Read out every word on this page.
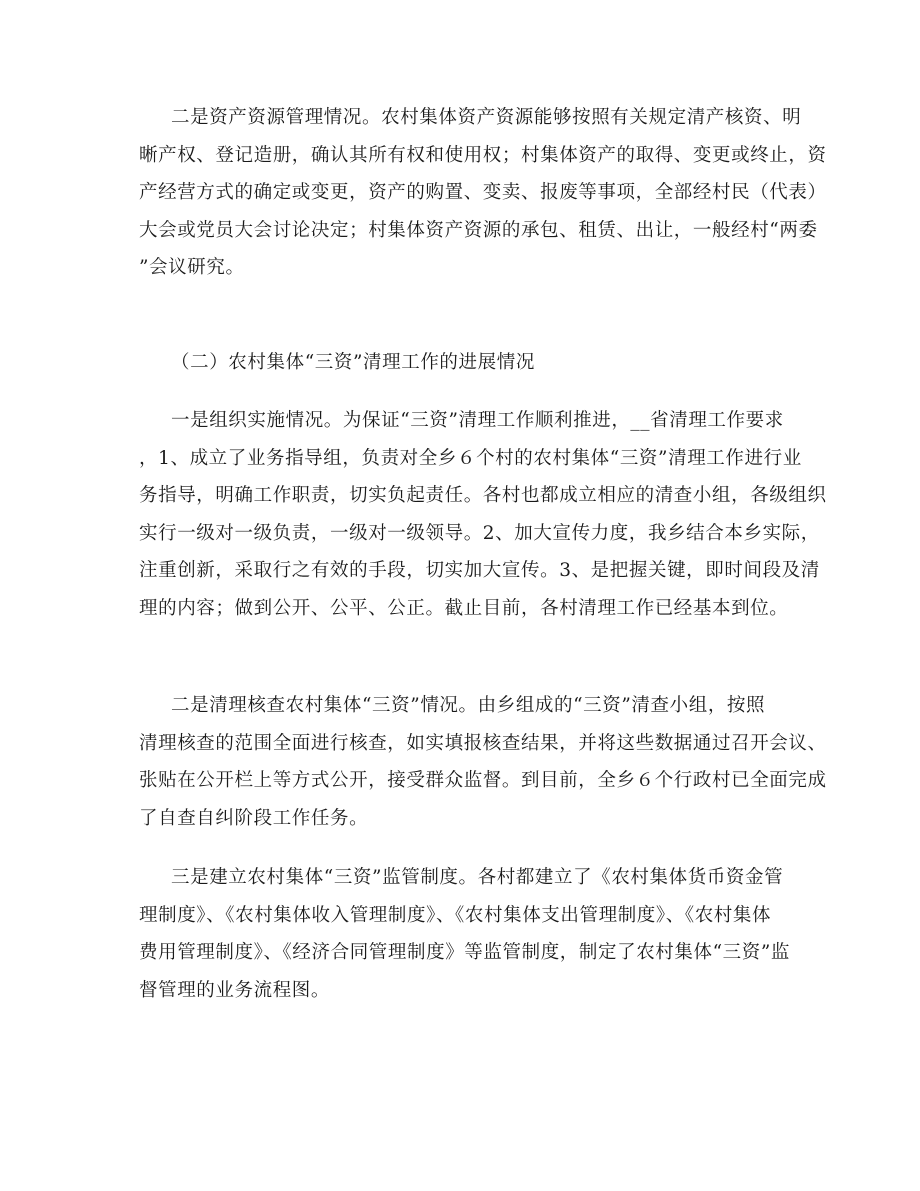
二是资产资源管理情况。农村集体资产资源能够按照有关规定清产核资、明
晰产权、登记造册，确认其所有权和使用权；村集体资产的取得、变更或终止，资
产经营方式的确定或变更，资产的购置、变卖、报废等事项，全部经村民（代表）
大会或党员大会讨论决定；村集体资产资源的承包、租赁、出让，一般经村“两委
”会议研究。
（二）农村集体“三资”清理工作的进展情况
一是组织实施情况。为保证“三资”清理工作顺利推进，__省清理工作要求
，1、成立了业务指导组，负责对全乡６个村的农村集体“三资”清理工作进行业
务指导，明确工作职责，切实负起责任。各村也都成立相应的清查小组，各级组织
实行一级对一级负责，一级对一级领导。2、加大宣传力度，我乡结合本乡实际，
注重创新，采取行之有效的手段，切实加大宣传。3、是把握关键，即时间段及清
理的内容；做到公开、公平、公正。截止目前，各村清理工作已经基本到位。
二是清理核查农村集体“三资”情况。由乡组成的“三资”清查小组，按照
清理核查的范围全面进行核查，如实填报核查结果，并将这些数据通过召开会议、
张贴在公开栏上等方式公开，接受群众监督。到目前，全乡６个行政村已全面完成
了自查自纠阶段工作任务。
三是建立农村集体“三资”监管制度。各村都建立了《农村集体货币资金管
理制度》、《农村集体收入管理制度》、《农村集体支出管理制度》、《农村集体
费用管理制度》、《经济合同管理制度》等监管制度，制定了农村集体“三资”监
督管理的业务流程图。
